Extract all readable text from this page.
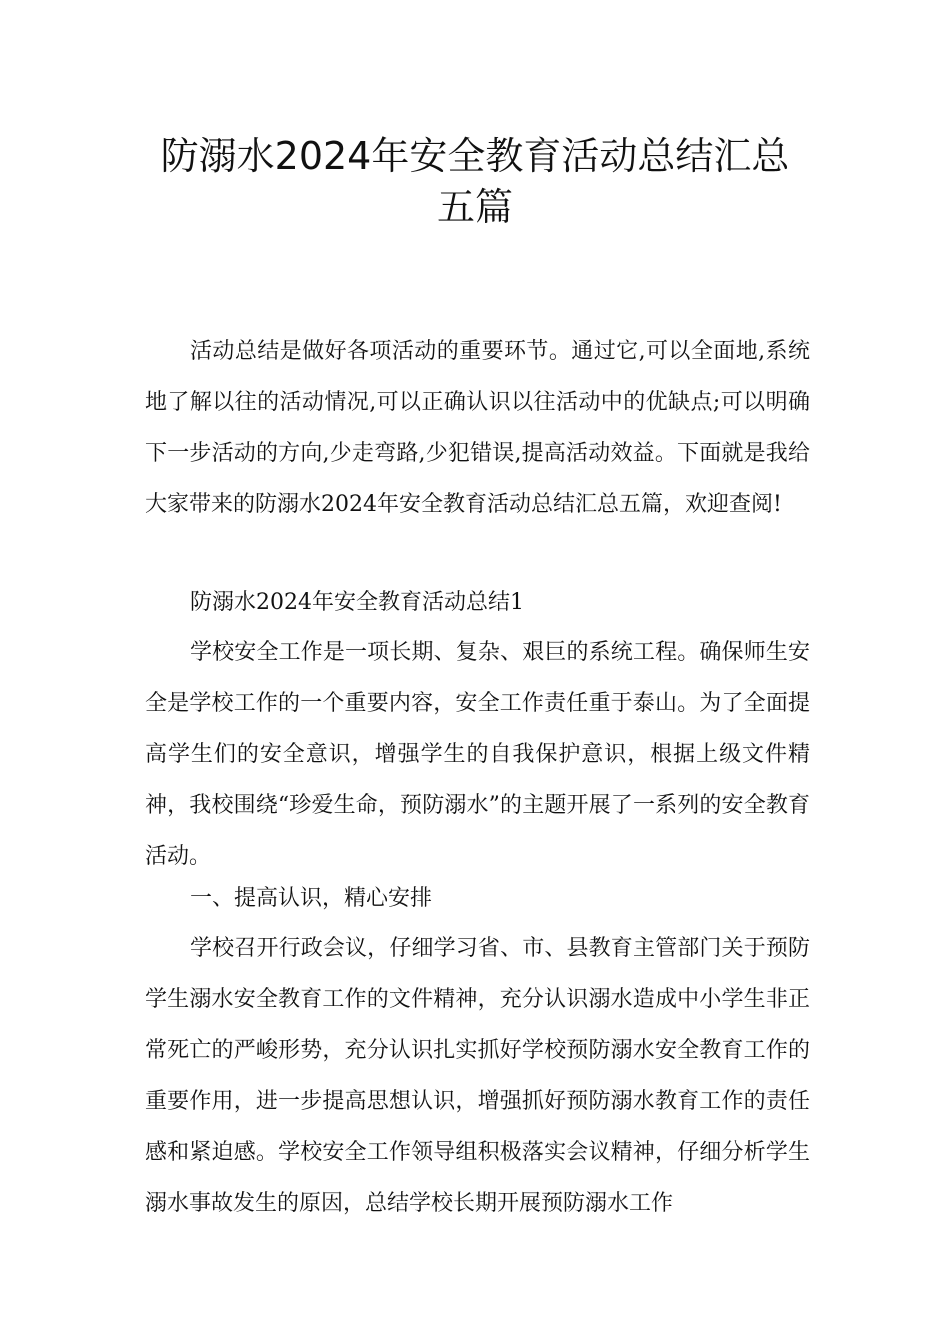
防溺水2024年安全教育活动总结汇总
五篇

活动总结是做好各项活动的重要环节。通过它,可以全面地,系统地了解以往的活动情况,可以正确认识以往活动中的优缺点;可以明确下一步活动的方向,少走弯路,少犯错误,提高活动效益。下面就是我给大家带来的防溺水2024年安全教育活动总结汇总五篇，欢迎查阅!

防溺水2024年安全教育活动总结1

学校安全工作是一项长期、复杂、艰巨的系统工程。确保师生安全是学校工作的一个重要内容，安全工作责任重于泰山。为了全面提高学生们的安全意识，增强学生的自我保护意识，根据上级文件精神，我校围绕“珍爱生命，预防溺水”的主题开展了一系列的安全教育活动。

一、提高认识，精心安排

学校召开行政会议，仔细学习省、市、县教育主管部门关于预防学生溺水安全教育工作的文件精神，充分认识溺水造成中小学生非正常死亡的严峻形势，充分认识扎实抓好学校预防溺水安全教育工作的重要作用，进一步提高思想认识，增强抓好预防溺水教育工作的责任感和紧迫感。学校安全工作领导组积极落实会议精神，仔细分析学生溺水事故发生的原因，总结学校长期开展预防溺水工作
